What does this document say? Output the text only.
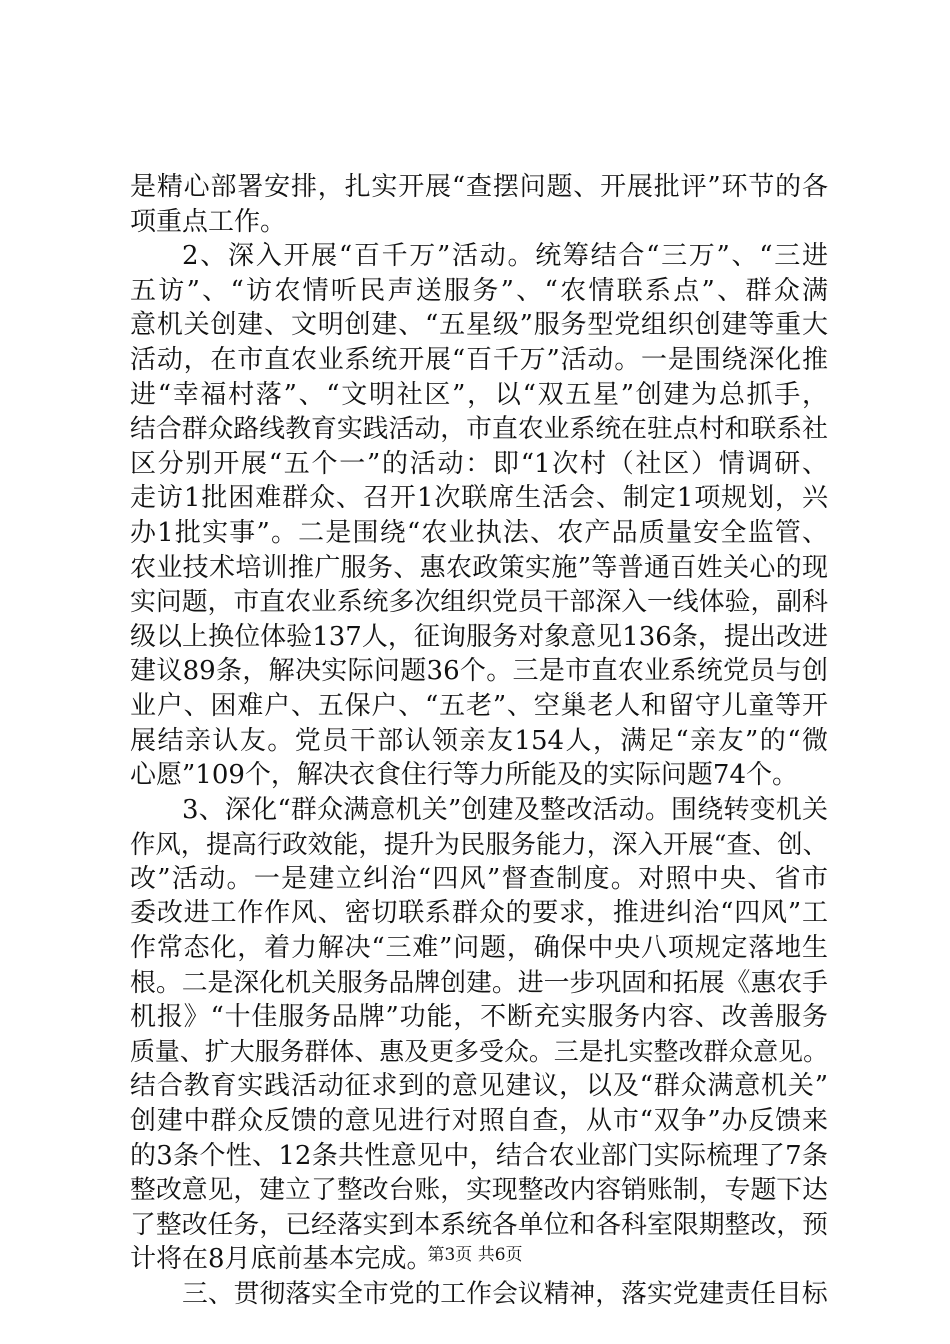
是精心部署安排，扎实开展“查摆问题、开展批评”环节的各
项重点工作。
2、深入开展“百千万”活动。统筹结合“三万”、“三进
五访”、“访农情听民声送服务”、“农情联系点”、群众满
意机关创建、文明创建、“五星级”服务型党组织创建等重大
活动，在市直农业系统开展“百千万”活动。一是围绕深化推
进“幸福村落”、“文明社区”，以“双五星”创建为总抓手，
结合群众路线教育实践活动，市直农业系统在驻点村和联系社
区分别开展“五个一”的活动：即“1次村（社区）情调研、
走访1批困难群众、召开1次联席生活会、制定1项规划，兴
办1批实事”。二是围绕“农业执法、农产品质量安全监管、
农业技术培训推广服务、惠农政策实施”等普通百姓关心的现
实问题，市直农业系统多次组织党员干部深入一线体验，副科
级以上换位体验137人，征询服务对象意见136条，提出改进
建议89条，解决实际问题36个。三是市直农业系统党员与创
业户、困难户、五保户、“五老”、空巢老人和留守儿童等开
展结亲认友。党员干部认领亲友154人，满足“亲友”的“微
心愿”109个，解决衣食住行等力所能及的实际问题74个。
3、深化“群众满意机关”创建及整改活动。围绕转变机关
作风，提高行政效能，提升为民服务能力，深入开展“查、创、
改”活动。一是建立纠治“四风”督查制度。对照中央、省市
委改进工作作风、密切联系群众的要求，推进纠治“四风”工
作常态化，着力解决“三难”问题，确保中央八项规定落地生
根。二是深化机关服务品牌创建。进一步巩固和拓展《惠农手
机报》“十佳服务品牌”功能，不断充实服务内容、改善服务
质量、扩大服务群体、惠及更多受众。三是扎实整改群众意见。
结合教育实践活动征求到的意见建议，以及“群众满意机关”
创建中群众反馈的意见进行对照自查，从市“双争”办反馈来
的3条个性、12条共性意见中，结合农业部门实际梳理了7条
整改意见，建立了整改台账，实现整改内容销账制，专题下达
了整改任务，已经落实到本系统各单位和各科室限期整改，预
计将在8月底前基本完成。
三、贯彻落实全市党的工作会议精神，落实党建责任目标
第3页 共6页
